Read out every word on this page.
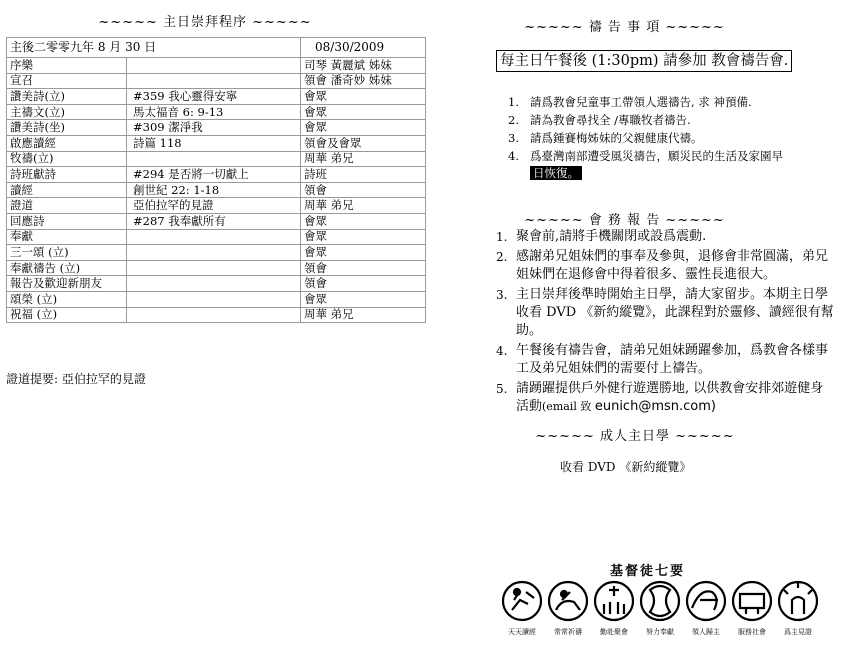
~~~~~ 主日崇拜程序 ~~~~~
主後二零零九年 8 月 30 日		08/30/2009
序樂		司琴 黃麗斌 姊妹
宣召		領會 潘奇妙 姊妹
讚美詩(立)	#359 我心靈得安寧	會眾
主禱文(立)	馬太福音 6: 9-13	會眾
讚美詩(坐)	#309 潔淨我	會眾
啟應讀經	詩篇 118	領會及會眾
牧禱(立)		周華 弟兄
詩班獻詩	#294 是否將一切獻上	詩班
讀經	創世紀 22: 1-18	領會
證道	亞伯拉罕的見證	周華 弟兄
回應詩	#287 我奉獻所有	會眾
奉獻		會眾
三一頌 (立)		會眾
奉獻禱告 (立)		領會
報告及歡迎新朋友		領會
頌榮 (立)		會眾
祝福 (立)		周華 弟兄
證道提要: 亞伯拉罕的見證
~~~~~ 禱 告 事 項 ~~~~~
每主日午餐後 (1:30pm) 請參加 教會禱告會.
1. 請爲教會兒童事工帶領人選禱告, 求 神預備.
2. 請為教會尋找全 /專職牧者禱告.
3. 請爲鍾賽梅姊妹的父親健康代禱。
4. 爲臺灣南部遭受風災禱告，願災民的生活及家園早
日恢復。
~~~~~ 會 務 報 告 ~~~~~
1. 聚會前,請將手機關閉或設爲震動.
2. 感謝弟兄姐妹們的事奉及參與，退修會非常圓滿，弟兄姐妹們在退修會中得着很多、靈性長進很大。
3. 主日崇拜後準時開始主日學，請大家留步。本期主日學收看 DVD 《新約縱覽》，此課程對於靈修、讀經很有幫助。
4. 午餐後有禱告會，請弟兄姐妹踴躍參加，爲教會各樣事工及弟兄姐妹們的需要付上禱告。
5. 請踴躍提供戶外健行遊選勝地, 以供教會安排郊遊健身活動(email 致 eunich@msn.com)
~~~~~ 成人主日學 ~~~~~
收看 DVD 《新約縱覽》
基督徒七要
天天讀經	常常祈禱	勤赴聚會	努力奉獻	領人歸主	服務社會	爲主見證
